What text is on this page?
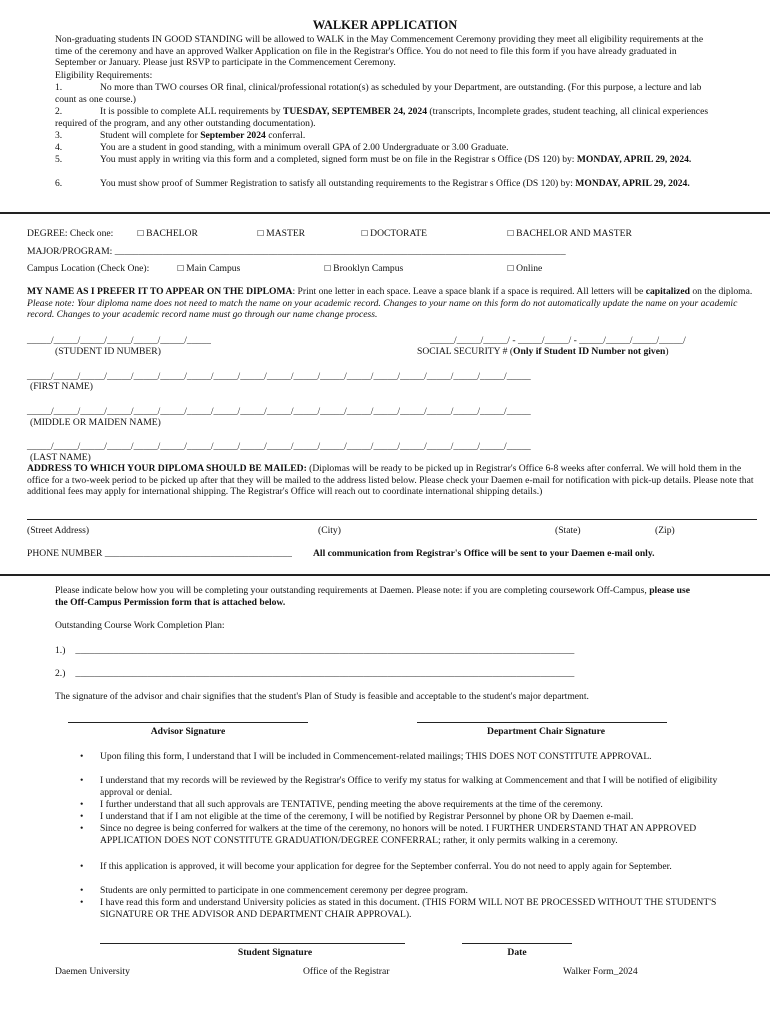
WALKER APPLICATION
Non-graduating students IN GOOD STANDING will be allowed to WALK in the May Commencement Ceremony providing they meet all eligibility requirements at the time of the ceremony and have an approved Walker Application on file in the Registrar's Office. You do not need to file this form if you have already graduated in September or January. Please just RSVP to participate in the Commencement Ceremony.
Eligibility Requirements:
1.	No more than TWO courses OR final, clinical/professional rotation(s) as scheduled by your Department, are outstanding. (For this purpose, a lecture and lab count as one course.)
2.	It is possible to complete ALL requirements by TUESDAY, SEPTEMBER 24, 2024 (transcripts, Incomplete grades, student teaching, all clinical experiences required of the program, and any other outstanding documentation).
3.	Student will complete for September 2024 conferral.
4.	You are a student in good standing, with a minimum overall GPA of 2.00 Undergraduate or 3.00 Graduate.
5.	You must apply in writing via this form and a completed, signed form must be on file in the Registrar s Office (DS 120) by: MONDAY, APRIL 29, 2024.
6.	You must show proof of Summer Registration to satisfy all outstanding requirements to the Registrar s Office (DS 120) by: MONDAY, APRIL 29, 2024.
DEGREE: Check one:	☐ BACHELOR	☐ MASTER	☐ DOCTORATE	☐ BACHELOR AND MASTER
MAJOR/PROGRAM: ______________________________________________________________________________________________
Campus Location (Check One):	☐ Main Campus	☐ Brooklyn Campus	☐ Online
MY NAME AS I PREFER IT TO APPEAR ON THE DIPLOMA: Print one letter in each space. Leave a space blank if a space is required. All letters will be capitalized on the diploma. Please note: Your diploma name does not need to match the name on your academic record. Changes to your name on this form do not automatically update the name on your academic record. Changes to your academic record name must go through our name change process.
_____/_____/_____/_____/_____/_____/_____
(STUDENT ID NUMBER)
_____/_____/_____/ - _____/_____/ - _____/_____/_____/_____/
SOCIAL SECURITY # (Only if Student ID Number not given)
_____/_____/_____/_____/_____/_____/_____/_____/_____/_____/_____/_____/_____/_____/_____/_____/_____/_____/_____
(FIRST NAME)
_____/_____/_____/_____/_____/_____/_____/_____/_____/_____/_____/_____/_____/_____/_____/_____/_____/_____/_____
(MIDDLE OR MAIDEN NAME)
_____/_____/_____/_____/_____/_____/_____/_____/_____/_____/_____/_____/_____/_____/_____/_____/_____/_____/_____
(LAST NAME)
ADDRESS TO WHICH YOUR DIPLOMA SHOULD BE MAILED: (Diplomas will be ready to be picked up in Registrar's Office 6-8 weeks after conferral. We will hold them in the office for a two-week period to be picked up after that they will be mailed to the address listed below. Please check your Daemen e-mail for notification with pick-up details. Please note that additional fees may apply for international shipping. The Registrar's Office will reach out to coordinate international shipping details.)
(Street Address)	(City)	(State)	(Zip)
PHONE NUMBER _______________________________________ All communication from Registrar's Office will be sent to your Daemen e-mail only.
Please indicate below how you will be completing your outstanding requirements at Daemen. Please note: if you are completing coursework Off-Campus, please use the Off-Campus Permission form that is attached below.
Outstanding Course Work Completion Plan:
1.) ________________________________________________________________________________________________________
2.) ________________________________________________________________________________________________________
The signature of the advisor and chair signifies that the student's Plan of Study is feasible and acceptable to the student's major department.
Advisor Signature	Department Chair Signature
• Upon filing this form, I understand that I will be included in Commencement-related mailings; THIS DOES NOT CONSTITUTE APPROVAL.
• I understand that my records will be reviewed by the Registrar's Office to verify my status for walking at Commencement and that I will be notified of eligibility approval or denial.
• I further understand that all such approvals are TENTATIVE, pending meeting the above requirements at the time of the ceremony.
• I understand that if I am not eligible at the time of the ceremony, I will be notified by Registrar Personnel by phone OR by Daemen e-mail.
• Since no degree is being conferred for walkers at the time of the ceremony, no honors will be noted. I FURTHER UNDERSTAND THAT AN APPROVED APPLICATION DOES NOT CONSTITUTE GRADUATION/DEGREE CONFERRAL; rather, it only permits walking in a ceremony.
• If this application is approved, it will become your application for degree for the September conferral. You do not need to apply again for September.
• Students are only permitted to participate in one commencement ceremony per degree program.
• I have read this form and understand University policies as stated in this document. (THIS FORM WILL NOT BE PROCESSED WITHOUT THE STUDENT'S SIGNATURE OR THE ADVISOR AND DEPARTMENT CHAIR APPROVAL).
Student Signature	Date
Daemen University	Office of the Registrar	Walker Form_2024
